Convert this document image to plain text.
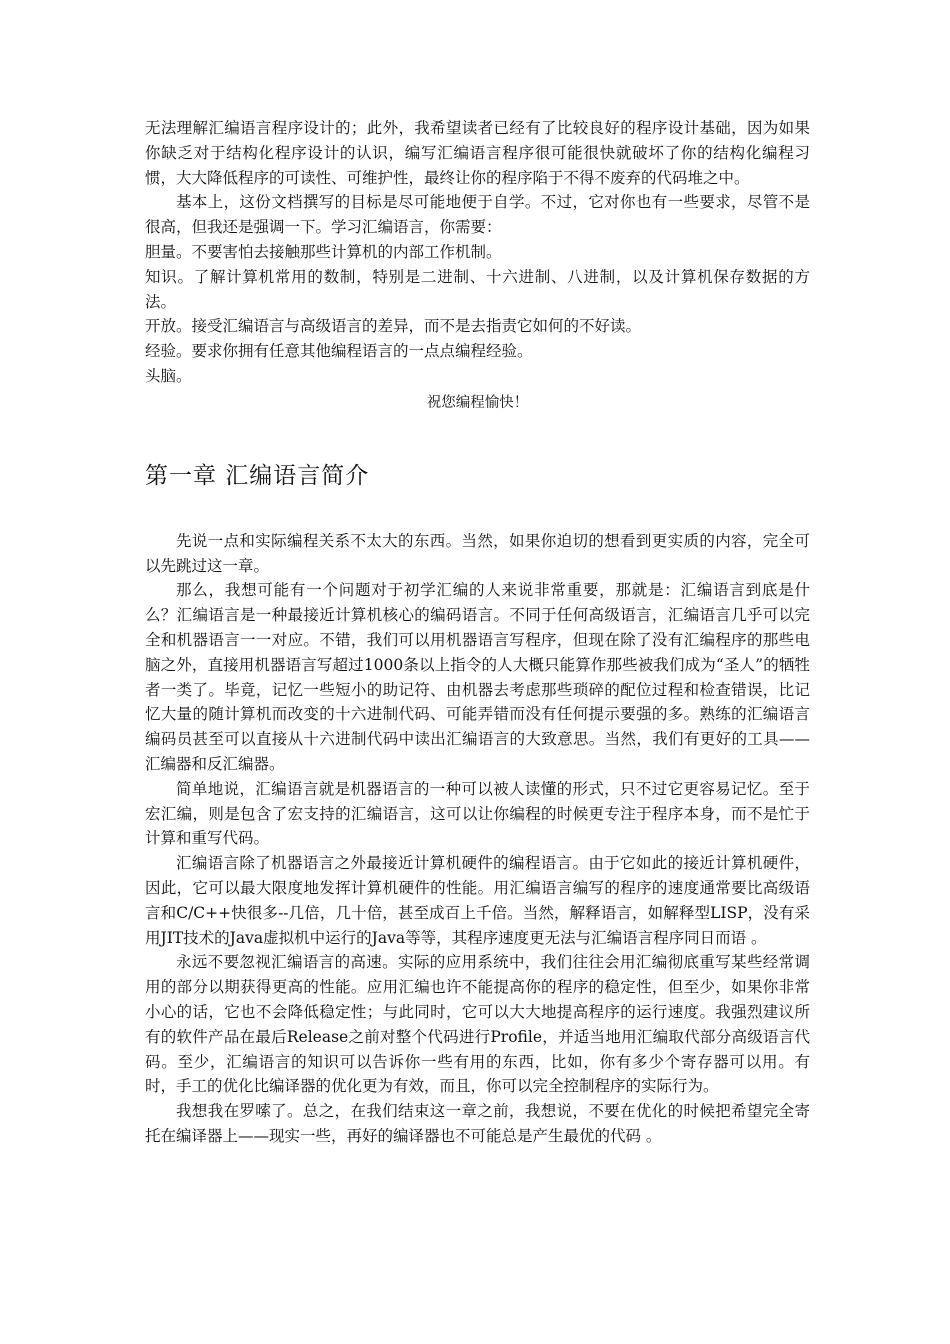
无法理解汇编语言程序设计的；此外，我希望读者已经有了比较良好的程序设计基础，因为如果你缺乏对于结构化程序设计的认识，编写汇编语言程序很可能很快就破坏了你的结构化编程习惯，大大降低程序的可读性、可维护性，最终让你的程序陷于不得不废弃的代码堆之中。

基本上，这份文档撰写的目标是尽可能地便于自学。不过，它对你也有一些要求，尽管不是很高，但我还是强调一下。学习汇编语言，你需要：

胆量。不要害怕去接触那些计算机的内部工作机制。

知识。了解计算机常用的数制，特别是二进制、十六进制、八进制，以及计算机保存数据的方法。

开放。接受汇编语言与高级语言的差异，而不是去指责它如何的不好读。

经验。要求你拥有任意其他编程语言的一点点编程经验。

头脑。

祝您编程愉快！

第一章 汇编语言简介

先说一点和实际编程关系不太大的东西。当然，如果你迫切的想看到更实质的内容，完全可以先跳过这一章。

那么，我想可能有一个问题对于初学汇编的人来说非常重要，那就是：汇编语言到底是什么？汇编语言是一种最接近计算机核心的编码语言。不同于任何高级语言，汇编语言几乎可以完全和机器语言一一对应。不错，我们可以用机器语言写程序，但现在除了没有汇编程序的那些电脑之外，直接用机器语言写超过1000条以上指令的人大概只能算作那些被我们成为“圣人”的牺牲者一类了。毕竟，记忆一些短小的助记符、由机器去考虑那些琐碎的配位过程和检查错误，比记忆大量的随计算机而改变的十六进制代码、可能弄错而没有任何提示要强的多。熟练的汇编语言编码员甚至可以直接从十六进制代码中读出汇编语言的大致意思。当然，我们有更好的工具——汇编器和反汇编器。

简单地说，汇编语言就是机器语言的一种可以被人读懂的形式，只不过它更容易记忆。至于宏汇编，则是包含了宏支持的汇编语言，这可以让你编程的时候更专注于程序本身，而不是忙于计算和重写代码。

汇编语言除了机器语言之外最接近计算机硬件的编程语言。由于它如此的接近计算机硬件，因此，它可以最大限度地发挥计算机硬件的性能。用汇编语言编写的程序的速度通常要比高级语言和C/C++快很多--几倍，几十倍，甚至成百上千倍。当然，解释语言，如解释型LISP，没有采用JIT技术的Java虚拟机中运行的Java等等，其程序速度更无法与汇编语言程序同日而语 。

永远不要忽视汇编语言的高速。实际的应用系统中，我们往往会用汇编彻底重写某些经常调用的部分以期获得更高的性能。应用汇编也许不能提高你的程序的稳定性，但至少，如果你非常小心的话，它也不会降低稳定性；与此同时，它可以大大地提高程序的运行速度。我强烈建议所有的软件产品在最后Release之前对整个代码进行Profile，并适当地用汇编取代部分高级语言代码。至少，汇编语言的知识可以告诉你一些有用的东西，比如，你有多少个寄存器可以用。有时，手工的优化比编译器的优化更为有效，而且，你可以完全控制程序的实际行为。

我想我在罗嗦了。总之，在我们结束这一章之前，我想说，不要在优化的时候把希望完全寄托在编译器上——现实一些，再好的编译器也不可能总是产生最优的代码 。
